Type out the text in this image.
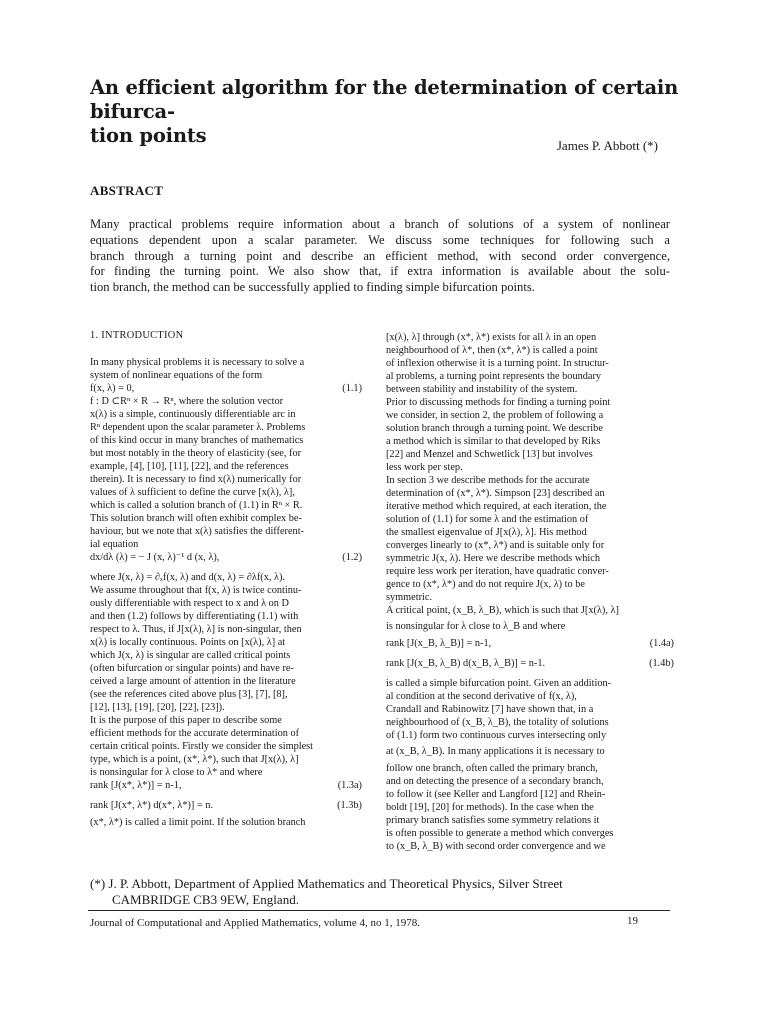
An efficient algorithm for the determination of certain bifurca-
tion points	James P. Abbott (*)
ABSTRACT
Many practical problems require information about a branch of solutions of a system of nonlinear
equations dependent upon a scalar parameter. We discuss some techniques for following such a
branch through a turning point and describe an efficient method, with second order convergence,
for finding the turning point. We also show that, if extra information is available about the solu-
tion branch, the method can be successfully applied to finding simple bifurcation points.
1. INTRODUCTION
In many physical problems it is necessary to solve a
system of nonlinear equations of the form
f(x, λ) = 0,	(1.1)
f : D ⊂Rⁿ × R → Rⁿ, where the solution vector
x(λ) is a simple, continuously differentiable arc in
Rⁿ dependent upon the scalar parameter λ. Problems
of this kind occur in many branches of mathematics
but most notably in the theory of elasticity (see, for
example, [4], [10], [11], [22], and the references
therein). It is necessary to find x(λ) numerically for
values of λ sufficient to define the curve [x(λ), λ],
which is called a solution branch of (1.1) in Rⁿ × R.
This solution branch will often exhibit complex be-
haviour, but we note that x(λ) satisfies the different-
ial equation
dx/dλ (λ) = − J (x, λ)⁻¹ d (x, λ),	(1.2)
where J(x, λ) = ∂ₓf(x, λ) and d(x, λ) = ∂λf(x, λ).
We assume throughout that f(x, λ) is twice continu-
ously differentiable with respect to x and λ on D
and then (1.2) follows by differentiating (1.1) with
respect to λ. Thus, if J[x(λ), λ] is non-singular, then
x(λ) is locally continuous. Points on [x(λ), λ] at
which J(x, λ) is singular are called critical points
(often bifurcation or singular points) and have re-
ceived a large amount of attention in the literature
(see the references cited above plus [3], [7], [8],
[12], [13], [19], [20], [22], [23]).
It is the purpose of this paper to describe some
efficient methods for the accurate determination of
certain critical points. Firstly we consider the simplest
type, which is a point, (x*, λ*), such that J[x(λ), λ]
is nonsingular for λ close to λ* and where
rank [J(x*, λ*)] = n-1,	(1.3a)
rank [J(x*, λ*) d(x*, λ*)] = n.	(1.3b)
(x*, λ*) is called a limit point. If the solution branch
[x(λ), λ] through (x*, λ*) exists for all λ in an open
neighbourhood of λ*, then (x*, λ*) is called a point
of inflexion otherwise it is a turning point. In structur-
al problems, a turning point represents the boundary
between stability and instability of the system.
Prior to discussing methods for finding a turning point
we consider, in section 2, the problem of following a
solution branch through a turning point. We describe
a method which is similar to that developed by Riks
[22] and Menzel and Schwetlick [13] but involves
less work per step.
In section 3 we describe methods for the accurate
determination of (x*, λ*). Simpson [23] described an
iterative method which required, at each iteration, the
solution of (1.1) for some λ and the estimation of
the smallest eigenvalue of J[x(λ), λ]. His method
converges linearly to (x*, λ*) and is suitable only for
symmetric J(x, λ). Here we describe methods which
require less work per iteration, have quadratic conver-
gence to (x*, λ*) and do not require J(x, λ) to be
symmetric.
A critical point, (x_B, λ_B), which is such that J[x(λ), λ]
is nonsingular for λ close to λ_B and where
rank [J(x_B, λ_B)] = n-1,	(1.4a)
rank [J(x_B, λ_B) d(x_B, λ_B)] = n-1.	(1.4b)
is called a simple bifurcation point. Given an addition-
al condition at the second derivative of f(x, λ),
Crandall and Rabinowitz [7] have shown that, in a
neighbourhood of (x_B, λ_B), the totality of solutions
of (1.1) form two continuous curves intersecting only
at (x_B, λ_B). In many applications it is necessary to
follow one branch, often called the primary branch,
and on detecting the presence of a secondary branch,
to follow it (see Keller and Langford [12] and Rhein-
boldt [19], [20] for methods). In the case when the
primary branch satisfies some symmetry relations it
is often possible to generate a method which converges
to (x_B, λ_B) with second order convergence and we
(*) J. P. Abbott, Department of Applied Mathematics and Theoretical Physics, Silver Street
CAMBRIDGE CB3 9EW, England.
Journal of Computational and Applied Mathematics, volume 4, no 1, 1978.	19
